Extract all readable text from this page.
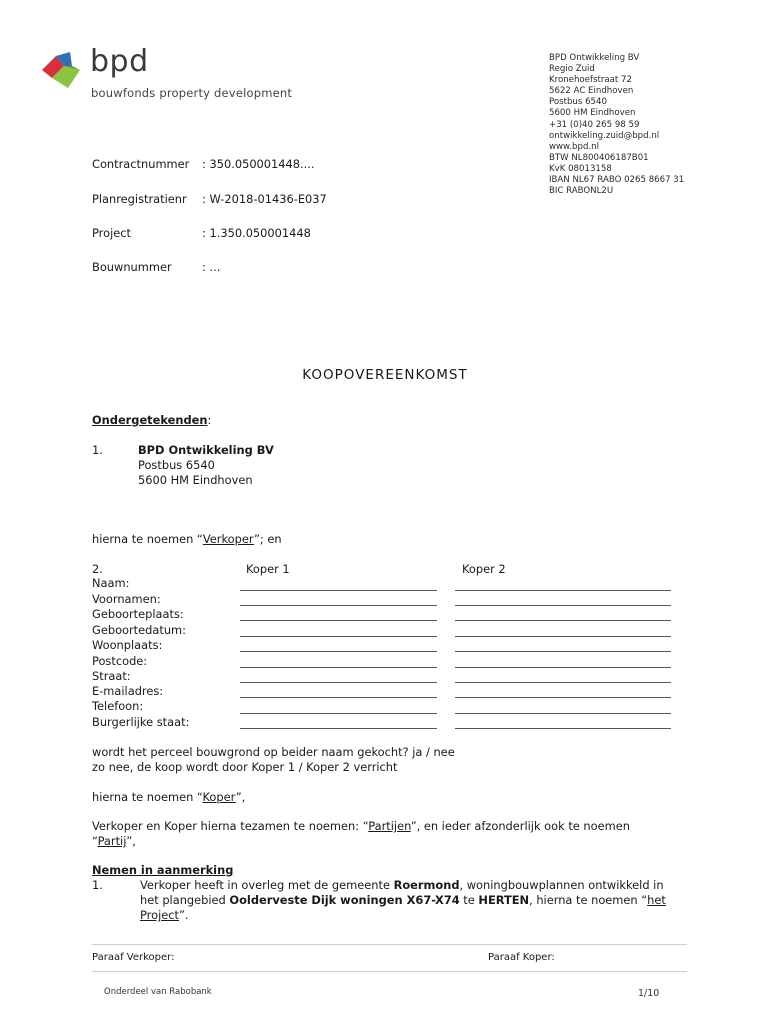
bpd
bouwfonds property development
BPD Ontwikkeling BV
Regio Zuid
Kronehoefstraat 72
5622 AC Eindhoven
Postbus 6540
5600 HM Eindhoven
+31 (0)40 265 98 59
ontwikkeling.zuid@bpd.nl
www.bpd.nl
BTW NL800406187B01
KvK 08013158
IBAN NL67 RABO 0265 8667 31
BIC RABONL2U
Contractnummer : 350.050001448....
Planregistratienr : W-2018-01436-E037
Project	: 1.350.050001448
Bouwnummer	: ...
KOOPOVEREENKOMST
Ondergetekenden:
1.	BPD Ontwikkeling BV
Postbus 6540
5600 HM Eindhoven
hierna te noemen “Verkoper”; en
2.	Koper 1	Koper 2
Naam:
Voornamen:
Geboorteplaats:
Geboortedatum:
Woonplaats:
Postcode:
Straat:
E-mailadres:
Telefoon:
Burgerlijke staat:
wordt het perceel bouwgrond op beider naam gekocht? ja / nee
zo nee, de koop wordt door Koper 1 / Koper 2 verricht
hierna te noemen “Koper”,
Verkoper en Koper hierna tezamen te noemen: “Partijen”, en ieder afzonderlijk ook te noemen
“Partij”,
Nemen in aanmerking
1.	Verkoper heeft in overleg met de gemeente Roermond, woningbouwplannen ontwikkeld in
het plangebied Oolderveste Dijk woningen X67-X74 te HERTEN, hierna te noemen “het
Project”.
Paraaf Verkoper:	Paraaf Koper:
Onderdeel van Rabobank	1/10
